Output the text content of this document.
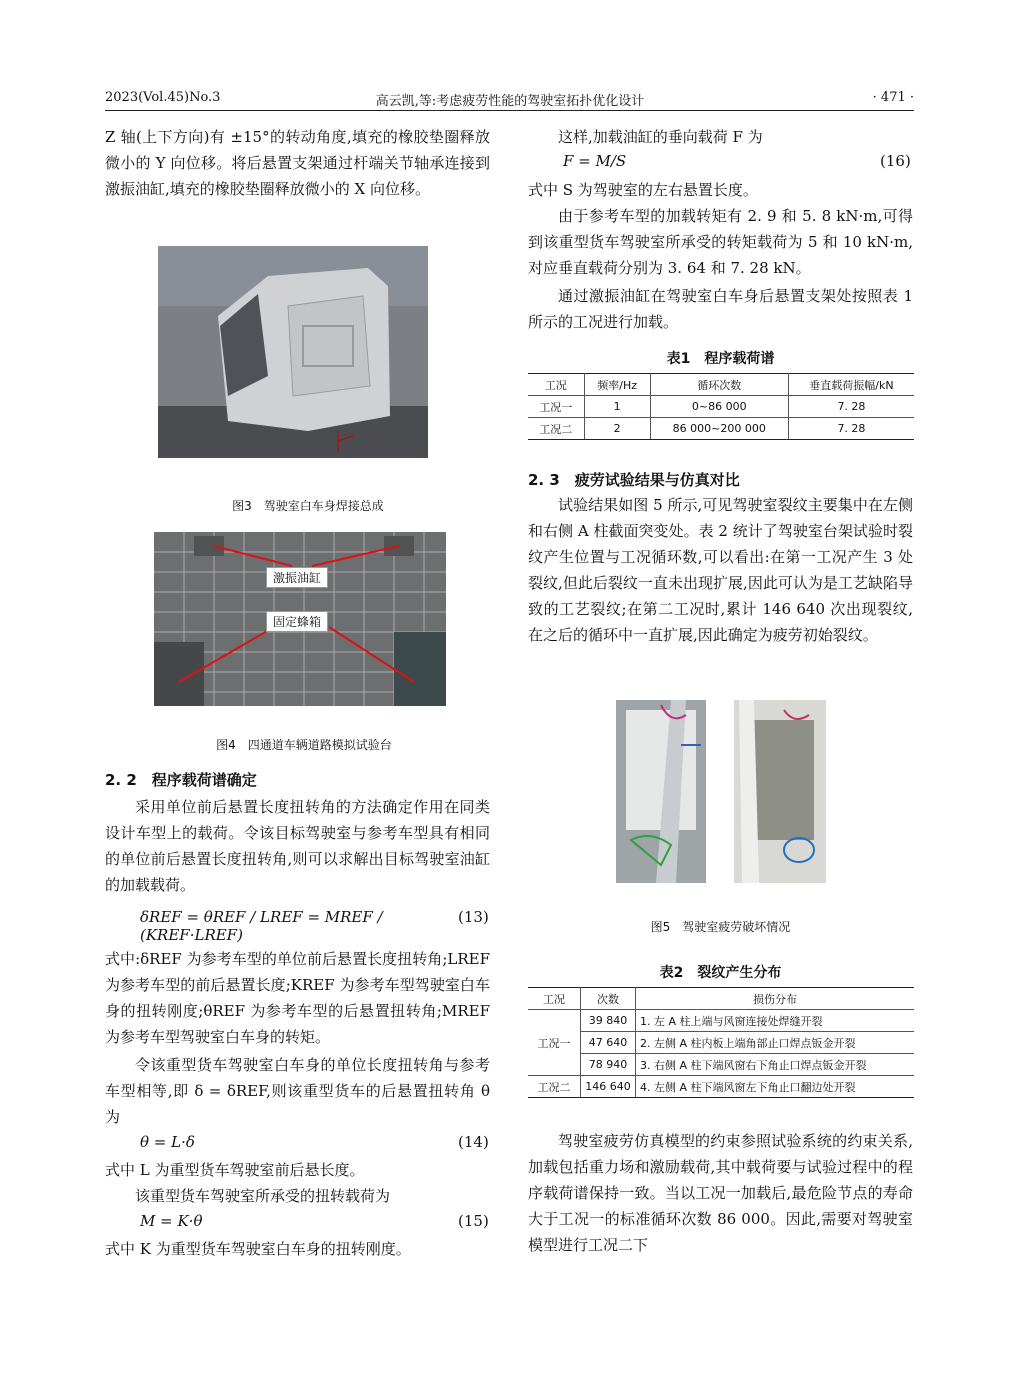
2023(Vol.45)No.3	高云凯,等:考虑疲劳性能的驾驶室拓扑优化设计	· 471 ·

Z 轴(上下方向)有 ±15°的转动角度,填充的橡胶垫圈释放微小的 Y 向位移。将后悬置支架通过杆端关节轴承连接到激振油缸,填充的橡胶垫圈释放微小的 X 向位移。

图3　驾驶室白车身焊接总成
激振油缸
固定蜂箱
图4　四通道车辆道路模拟试验台
2. 2　程序载荷谱确定

采用单位前后悬置长度扭转角的方法确定作用在同类设计车型上的载荷。令该目标驾驶室与参考车型具有相同的单位前后悬置长度扭转角,则可以求解出目标驾驶室油缸的加载载荷。

δREF = θREF / LREF = MREF / (KREF·LREF)
(13)

式中:δREF 为参考车型的单位前后悬置长度扭转角;LREF 为参考车型的前后悬置长度;KREF 为参考车型驾驶室白车身的扭转刚度;θREF 为参考车型的后悬置扭转角;MREF 为参考车型驾驶室白车身的转矩。

令该重型货车驾驶室白车身的单位长度扭转角与参考车型相等,即 δ = δREF,则该重型货车的后悬置扭转角 θ 为

θ = L·δ	(14)

式中 L 为重型货车驾驶室前后悬长度。

该重型货车驾驶室所承受的扭转载荷为

M = K·θ	(15)

式中 K 为重型货车驾驶室白车身的扭转刚度。

这样,加载油缸的垂向载荷 F 为

F = M/S	(16)

式中 S 为驾驶室的左右悬置长度。

由于参考车型的加载转矩有 2. 9 和 5. 8 kN·m,可得到该重型货车驾驶室所承受的转矩载荷为 5 和 10 kN·m,对应垂直载荷分别为 3. 64 和 7. 28 kN。

通过激振油缸在驾驶室白车身后悬置支架处按照表 1 所示的工况进行加载。

表1　程序载荷谱
工况	频率/Hz	循环次数	垂直载荷振幅/kN
工况一	1	0~86 000	7. 28
工况二	2	86 000~200 000	7. 28
2. 3　疲劳试验结果与仿真对比

试验结果如图 5 所示,可见驾驶室裂纹主要集中在左侧和右侧 A 柱截面突变处。表 2 统计了驾驶室台架试验时裂纹产生位置与工况循环数,可以看出:在第一工况产生 3 处裂纹,但此后裂纹一直未出现扩展,因此可认为是工艺缺陷导致的工艺裂纹;在第二工况时,累计 146 640 次出现裂纹,在之后的循环中一直扩展,因此确定为疲劳初始裂纹。

图5　驾驶室疲劳破坏情况
表2　裂纹产生分布
工况	次数	损伤分布
工况一	39 840	1. 左 A 柱上端与风窗连接处焊缝开裂
	47 640	2. 左侧 A 柱内板上端角部止口焊点钣金开裂
	78 940	3. 右侧 A 柱下端风窗右下角止口焊点钣金开裂
工况二	146 640	4. 左侧 A 柱下端风窗左下角止口翻边处开裂

驾驶室疲劳仿真模型的约束参照试验系统的约束关系,加载包括重力场和激励载荷,其中载荷要与试验过程中的程序载荷谱保持一致。当以工况一加载后,最危险节点的寿命大于工况一的标准循环次数 86 000。因此,需要对驾驶室模型进行工况二下
